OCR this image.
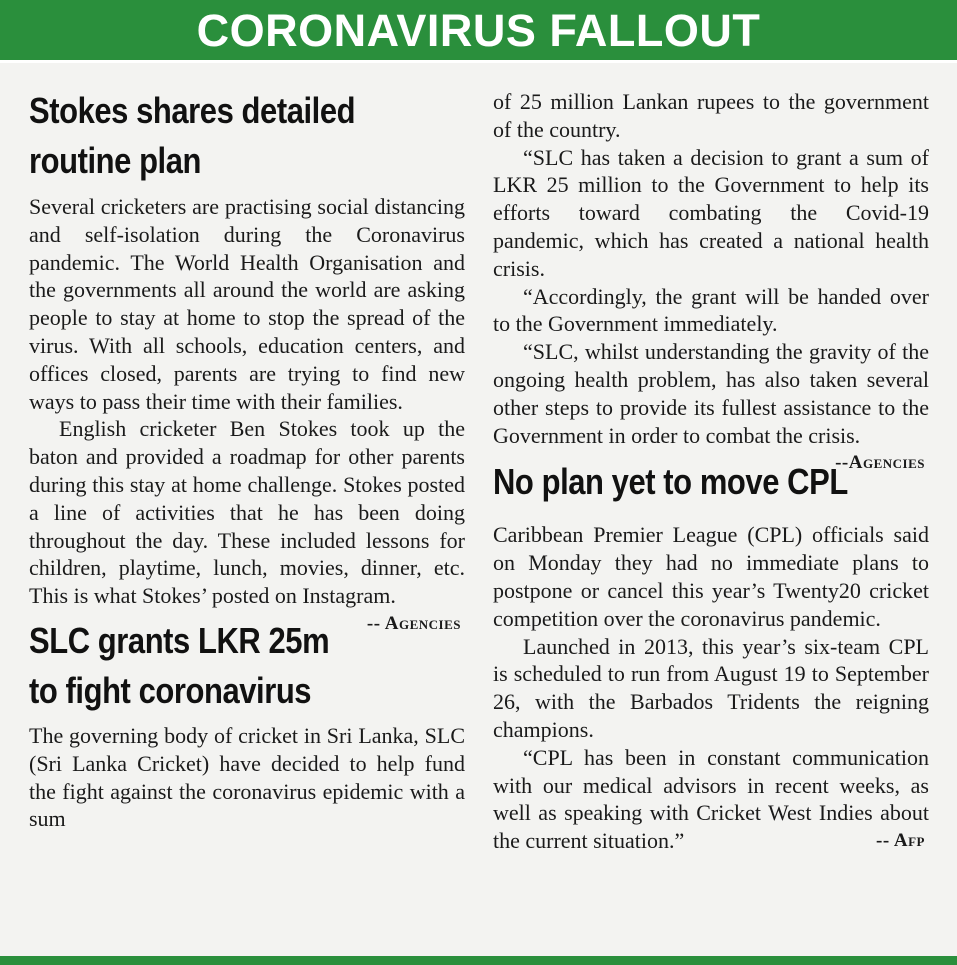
CORONAVIRUS FALLOUT
Stokes shares detailed
routine plan

Several cricketers are practising social distancing and self-isolation during the Coronavirus pandemic. The World Health Organisation and the governments all around the world are asking people to stay at home to stop the spread of the virus. With all schools, education centers, and offices closed, parents are trying to find new ways to pass their time with their families.

English cricketer Ben Stokes took up the baton and provided a roadmap for other parents during this stay at home challenge. Stokes posted a line of activities that he has been doing throughout the day. These included lessons for children, playtime, lunch, movies, dinner, etc. This is what Stokes’ posted on Instagram.
-- Agencies

SLC grants LKR 25m
to fight coronavirus

The governing body of cricket in Sri Lanka, SLC (Sri Lanka Cricket) have decided to help fund the fight against the coronavirus epidemic with a sum

of 25 million Lankan rupees to the government of the country.

“SLC has taken a decision to grant a sum of LKR 25 million to the Government to help its efforts toward combating the Covid-19 pandemic, which has created a national health crisis.

“Accordingly, the grant will be handed over to the Government immediately.

“SLC, whilst understanding the gravity of the ongoing health problem, has also taken several other steps to provide its fullest assistance to the Government in order to combat the crisis.
--Agencies

No plan yet to move CPL

Caribbean Premier League (CPL) officials said on Monday they had no immediate plans to postpone or cancel this year’s Twenty20 cricket competition over the coronavirus pandemic.

Launched in 2013, this year’s six-team CPL is scheduled to run from August 19 to September 26, with the Barbados Tridents the reigning champions.

“CPL has been in constant communication with our medical advisors in recent weeks, as well as speaking with Cricket West Indies about the current situation.”	-- Afp
